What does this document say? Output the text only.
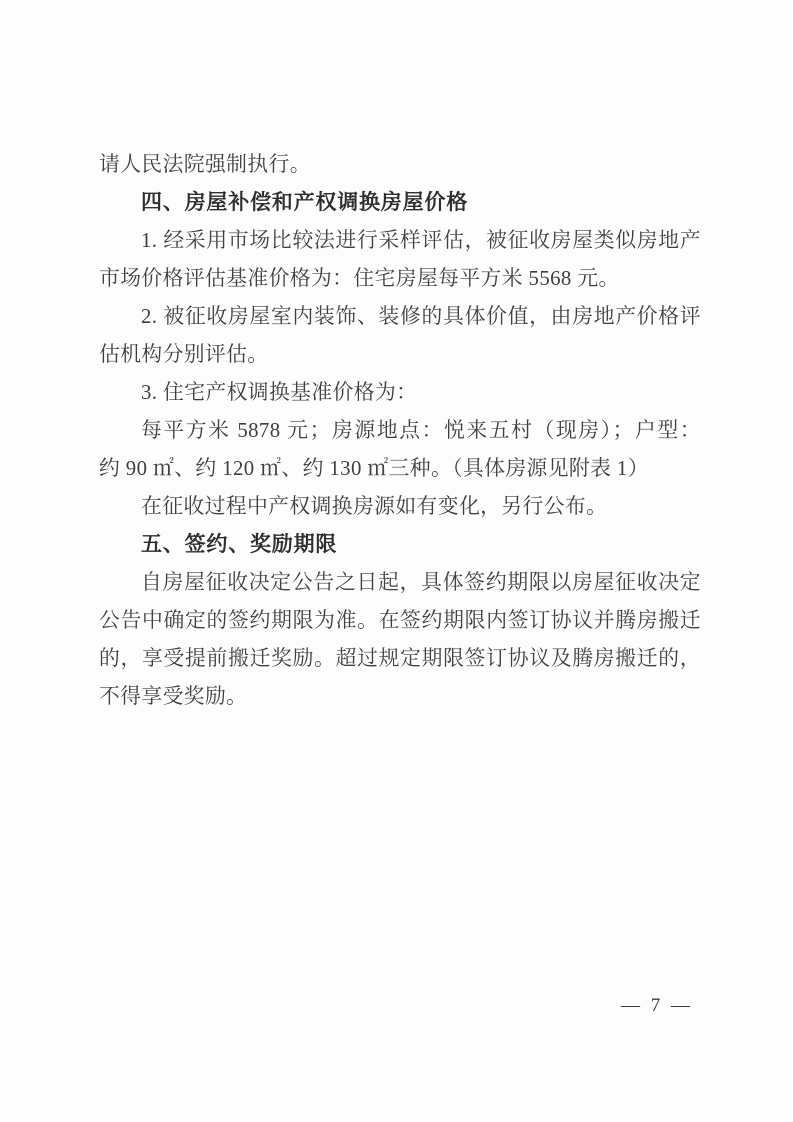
请人民法院强制执行。
四、房屋补偿和产权调换房屋价格
1. 经采用市场比较法进行采样评估，被征收房屋类似房地产
市场价格评估基准价格为：住宅房屋每平方米 5568 元。
2. 被征收房屋室内装饰、装修的具体价值，由房地产价格评
估机构分别评估。
3. 住宅产权调换基准价格为：
每平方米 5878 元；房源地点：悦来五村（现房）；户型：
约 90 ㎡、约 120 ㎡、约 130 ㎡三种。（具体房源见附表 1）
在征收过程中产权调换房源如有变化，另行公布。
五、签约、奖励期限
自房屋征收决定公告之日起，具体签约期限以房屋征收决定
公告中确定的签约期限为准。在签约期限内签订协议并腾房搬迁
的，享受提前搬迁奖励。超过规定期限签订协议及腾房搬迁的，
不得享受奖励。
— 7 —
